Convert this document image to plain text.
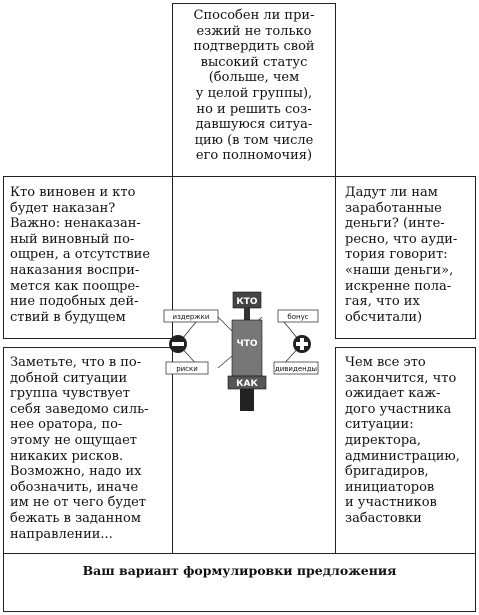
Способен ли при-
езжий не только
подтвердить свой
высокий статус
(больше, чем
у целой группы),
но и решить соз-
давшуюся ситуа-
цию (в том числе
его полномочия)
Кто виновен и кто
будет наказан?
Важно: ненаказан-
ный виновный по-
ощрен, а отсутствие
наказания воспри-
мется как поощре-
ние подобных дей-
ствий в будущем
Дадут ли нам
заработанные
деньги? (инте-
ресно, что ауди-
тория говорит:
«наши деньги»,
искренне пола-
гая, что их
обсчитали)
Заметьте, что в по-
добной ситуации
группа чувствует
себя заведомо силь-
нее оратора, по-
этому не ощущает
никаких рисков.
Возможно, надо их
обозначить, иначе
им не от чего будет
бежать в заданном
направлении...
Чем все это
закончится, что
ожидает каж-
дого участника
ситуации:
директора,
администрацию,
бригадиров,
инициаторов
и участников
забастовки
Ваш вариант формулировки предложения
КТО
ЧТО
КАК
издержки
риски
бонус
дивиденды
